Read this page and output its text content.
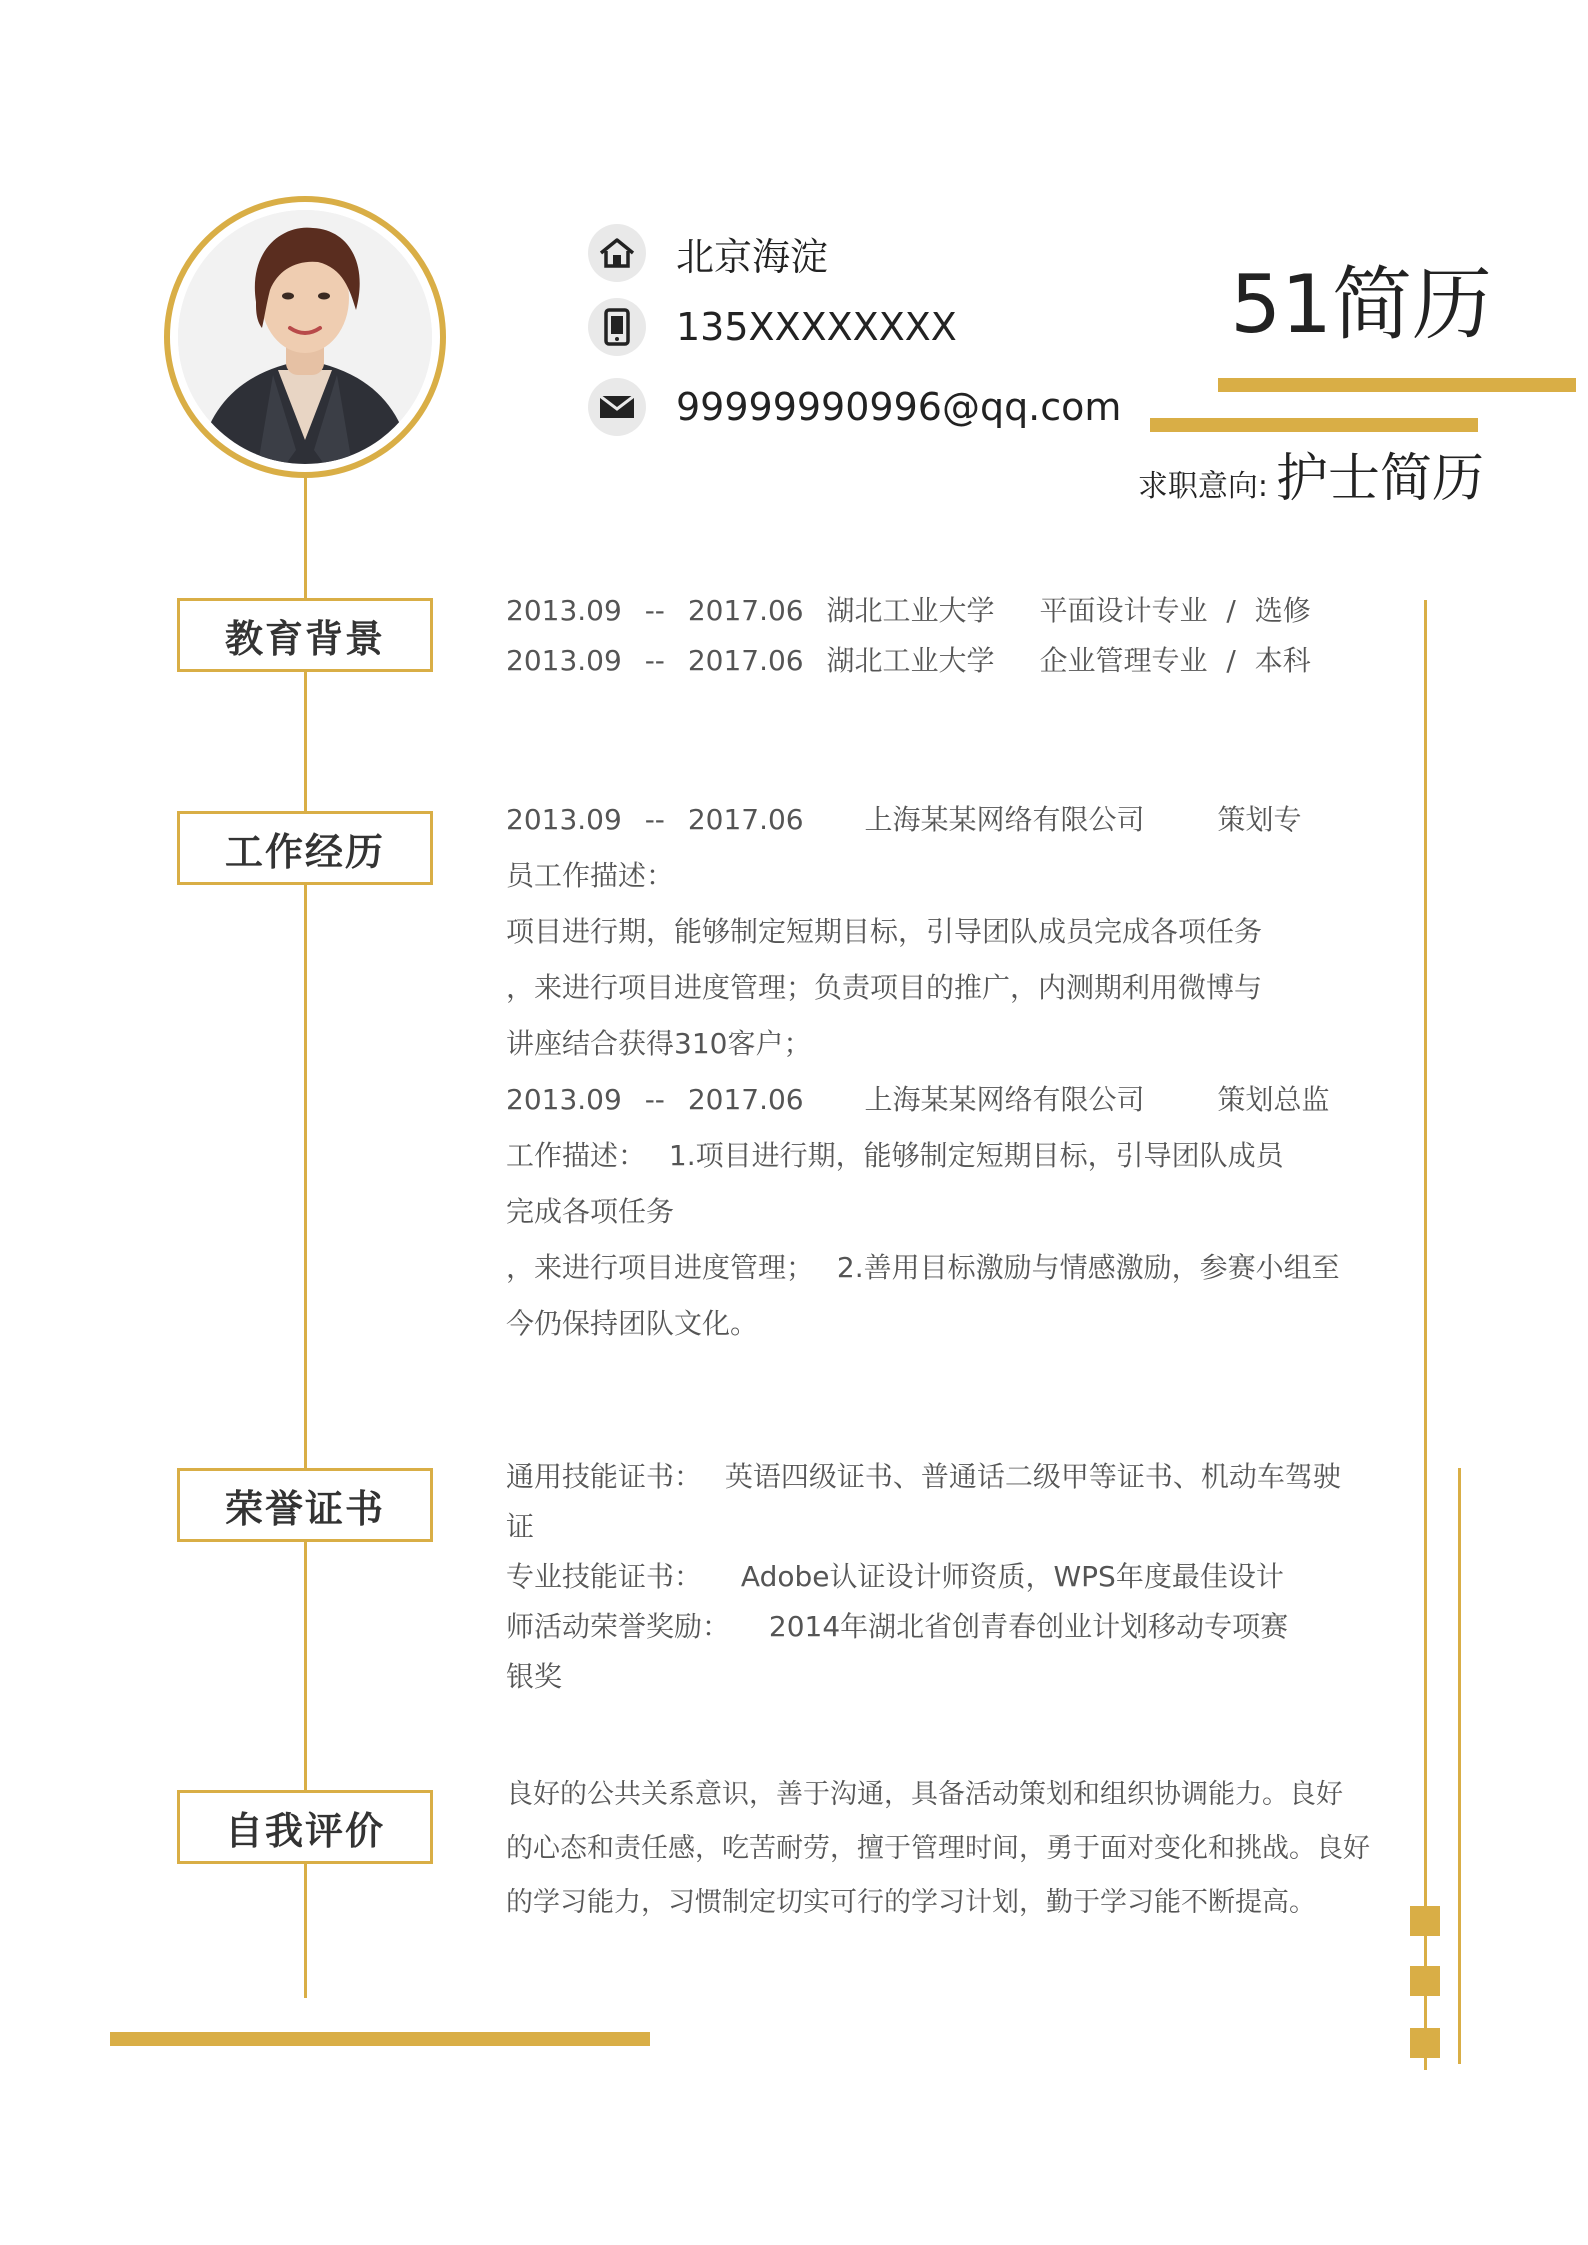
北京海淀
135XXXXXXXX
99999990996@qq.com
51简历
求职意向: 护士简历
教育背景
2013.09 -- 2017.06 湖北工业大学 平面设计专业 / 选修
2013.09 -- 2017.06 湖北工业大学 企业管理专业 / 本科
工作经历
2013.09 -- 2017.06 上海某某网络有限公司	策划专
员工作描述：
项目进行期，能够制定短期目标，引导团队成员完成各项任务
，来进行项目进度管理；负责项目的推广，内测期利用微博与
讲座结合获得310客户；
2013.09 -- 2017.06 上海某某网络有限公司	策划总监
工作描述： 1.项目进行期，能够制定短期目标，引导团队成员
完成各项任务
，来进行项目进度管理； 2.善用目标激励与情感激励，参赛小组至
今仍保持团队文化。
荣誉证书
通用技能证书： 英语四级证书、普通话二级甲等证书、机动车驾驶
证
专业技能证书： Adobe认证设计师资质，WPS年度最佳设计
师活动荣誉奖励： 2014年湖北省创青春创业计划移动专项赛
银奖
自我评价
良好的公共关系意识，善于沟通，具备活动策划和组织协调能力。良好
的心态和责任感，吃苦耐劳，擅于管理时间，勇于面对变化和挑战。良好
的学习能力，习惯制定切实可行的学习计划，勤于学习能不断提高。
